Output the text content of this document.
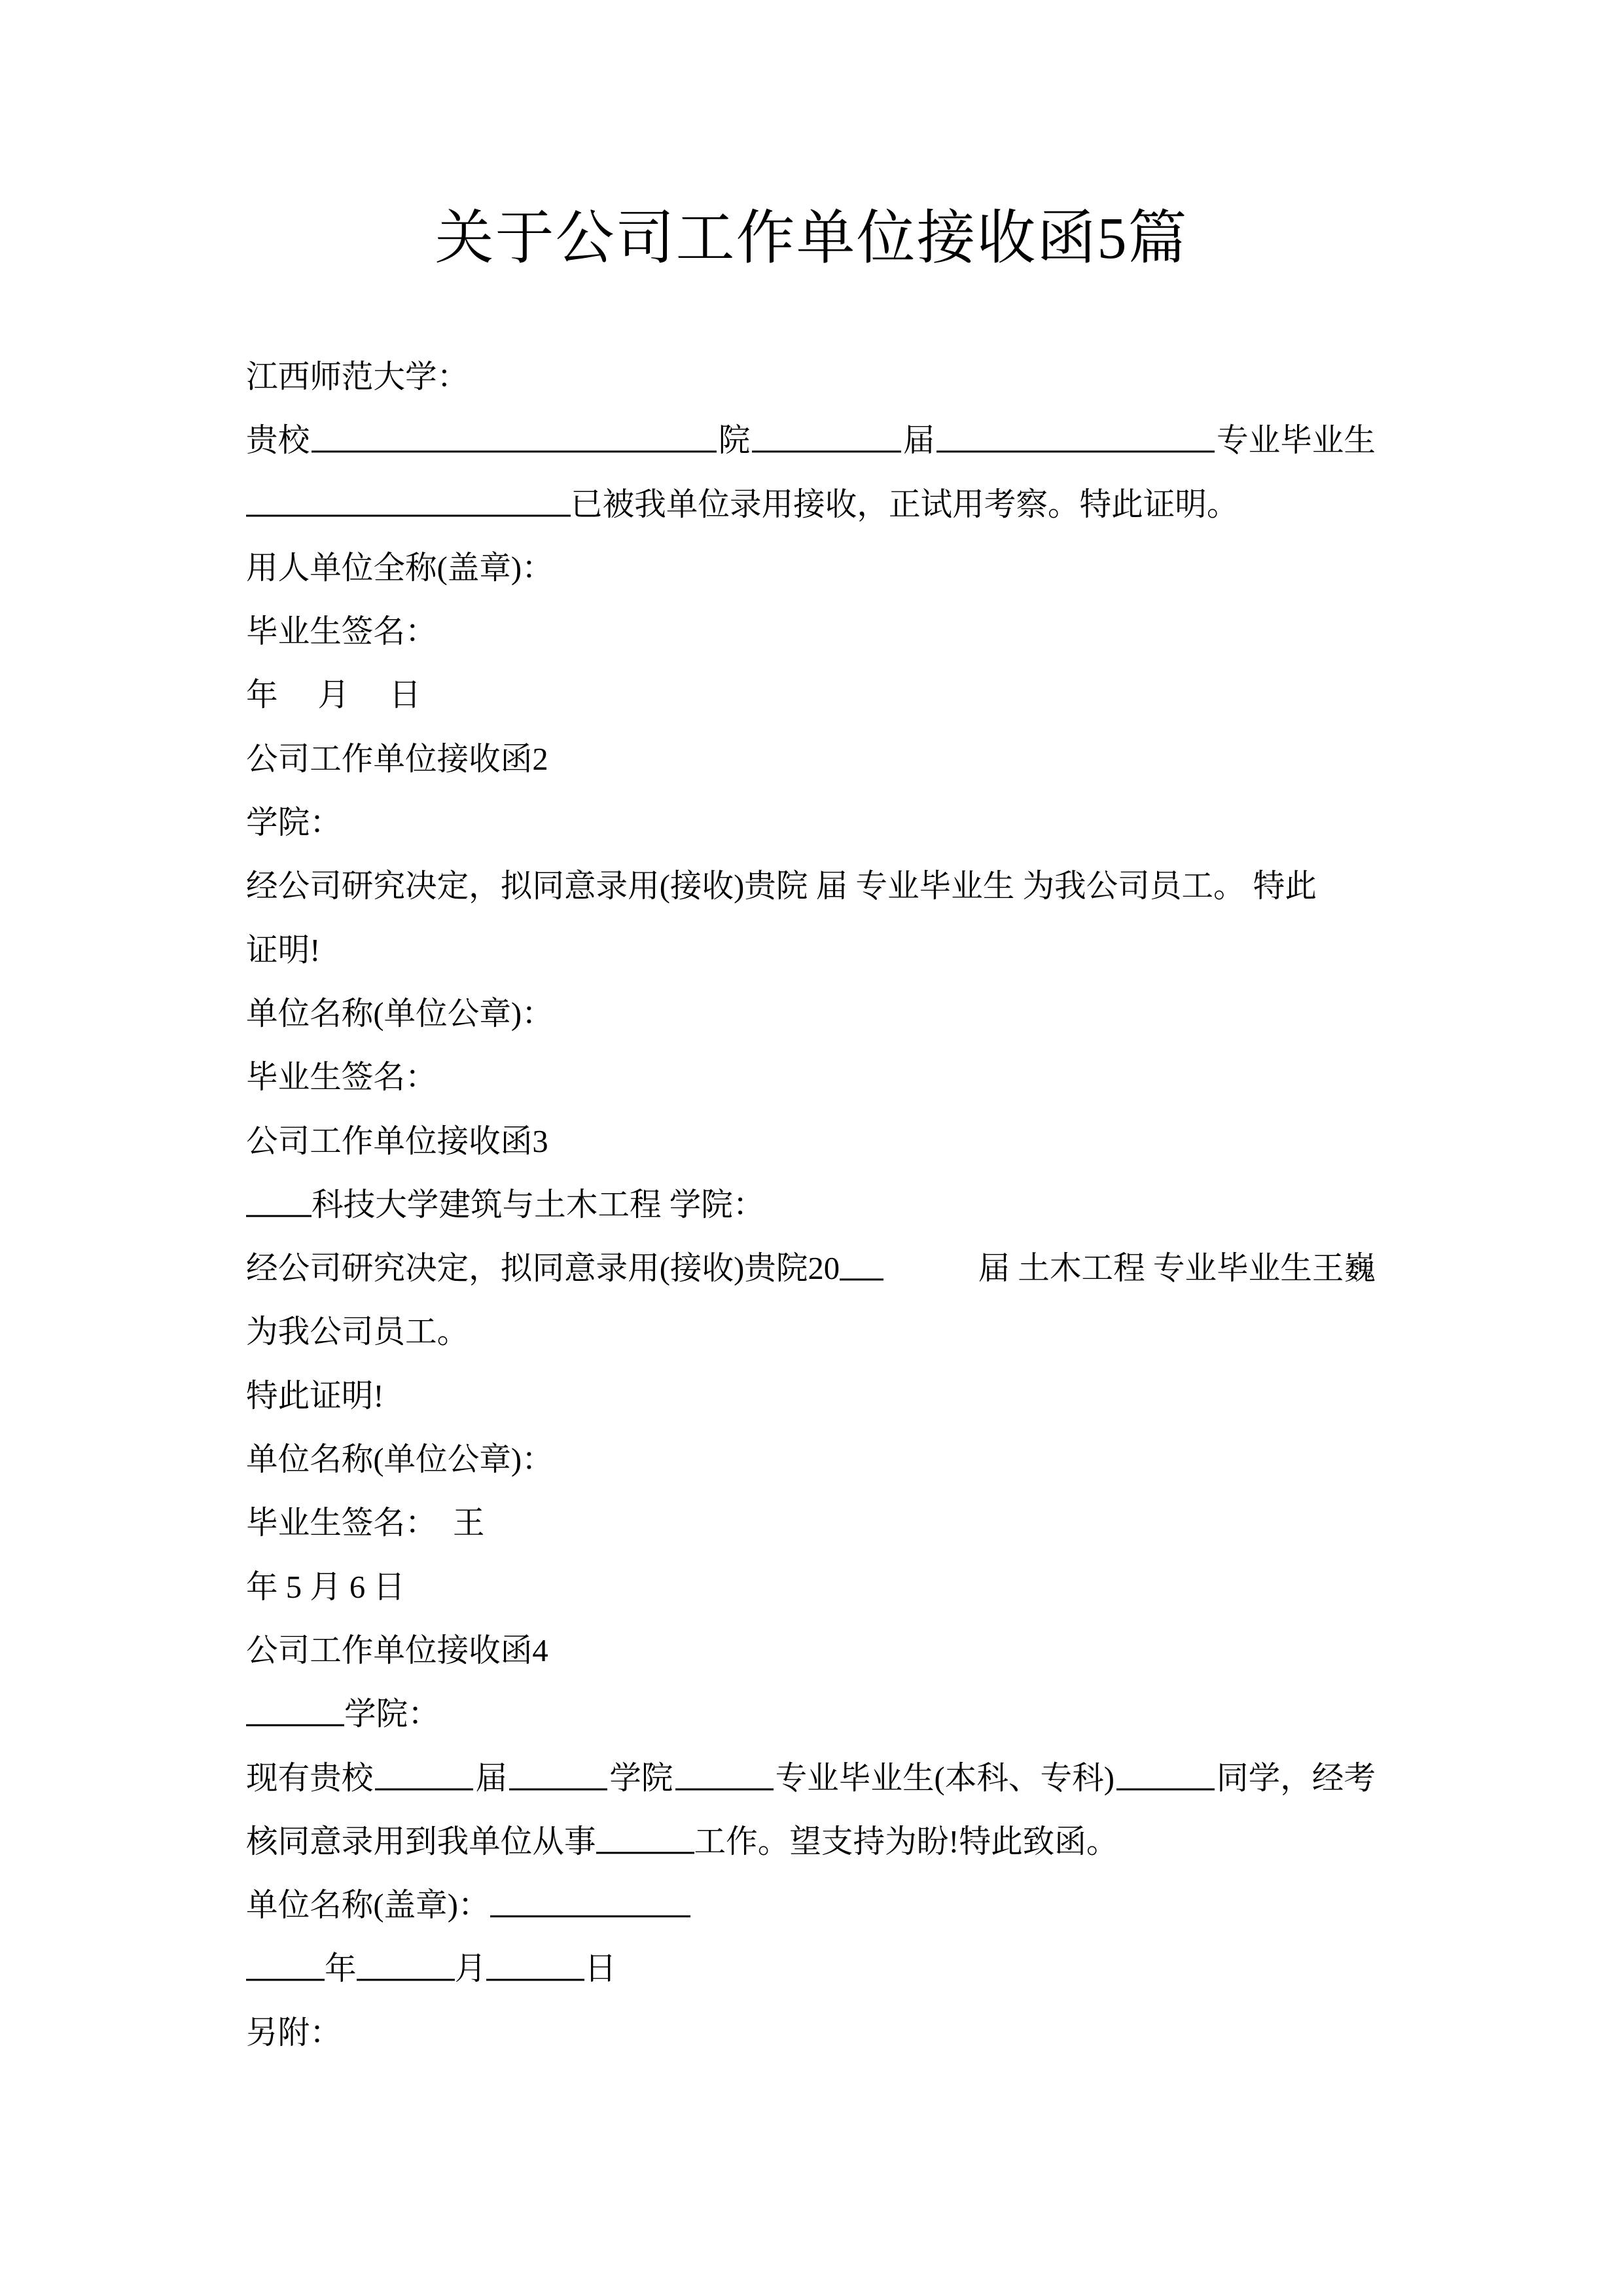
关于公司工作单位接收函5篇
江西师范大学：
贵校	院	届	专业毕业生
已被我单位录用接收，正试用考察。特此证明。
用人单位全称(盖章)：
毕业生签名：
年　 月　 日
公司工作单位接收函2
学院：
经公司研究决定，拟同意录用(接收)贵院 届 专业毕业生 为我公司员工。 特此
证明!
单位名称(单位公章)：
毕业生签名：
公司工作单位接收函3
科技大学建筑与土木工程 学院：
经公司研究决定，拟同意录用(接收)贵院20	届 土木工程 专业毕业生王巍
为我公司员工。
特此证明!
单位名称(单位公章)：
毕业生签名：　王
年 5 月 6 日
公司工作单位接收函4
学院：
现有贵校	届	学院	专业毕业生(本科、专科)	同学，经考
核同意录用到我单位从事	工作。望支持为盼!特此致函。
单位名称(盖章)：
年	月	日
另附：
